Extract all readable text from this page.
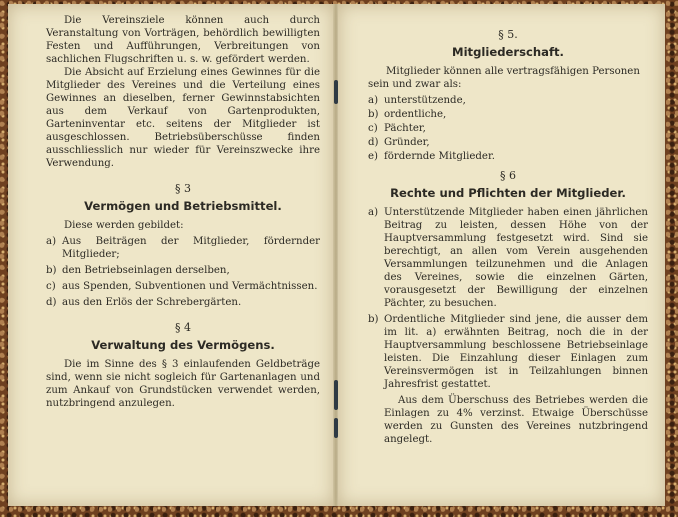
Die Vereinsziele können auch durch Veranstaltung von Vorträgen, behördlich bewilligten Festen und Aufführungen, Verbreitungen von sachlichen Flugschriften u. s. w. gefördert werden.

Die Absicht auf Erzielung eines Gewinnes für die Mitglieder des Vereines und die Verteilung eines Gewinnes an dieselben, ferner Gewinnstabsichten aus dem Verkauf von Gartenprodukten, Garteninventar etc. seitens der Mitglieder ist ausgeschlossen. Betriebsüberschüsse finden ausschliesslich nur wieder für Vereinszwecke ihre Verwendung.

§ 3
Vermögen und Betriebsmittel.
Diese werden gebildet:
a) Aus Beiträgen der Mitglieder, fördernder Mitglieder;
b) den Betriebseinlagen derselben,
c) aus Spenden, Subventionen und Vermächtnissen.
d) aus den Erlös der Schrebergärten.
§ 4
Verwaltung des Vermögens.

Die im Sinne des § 3 einlaufenden Geldbeträge sind, wenn sie nicht sogleich für Gartenanlagen und zum Ankauf von Grundstücken verwendet werden, nutzbringend anzulegen.

§ 5.
Mitgliederschaft.
Mitglieder können alle vertragsfähigen Personen sein und zwar als:
a) unterstützende,
b) ordentliche,
c) Pächter,
d) Gründer,
e) fördernde Mitglieder.
§ 6
Rechte und Pflichten der Mitglieder.
a) Unterstützende Mitglieder haben einen jährlichen Beitrag zu leisten, dessen Höhe von der Hauptversammlung festgesetzt wird. Sind sie berechtigt, an allen vom Verein ausgehenden Versammlungen teilzunehmen und die Anlagen des Vereines, sowie die einzelnen Gärten, vorausgesetzt der Bewilligung der einzelnen Pächter, zu besuchen.
b) Ordentliche Mitglieder sind jene, die ausser dem im lit. a) erwähnten Beitrag, noch die in der Hauptversammlung beschlossene Betriebseinlage leisten. Die Einzahlung dieser Einlagen zum Vereinsvermögen ist in Teilzahlungen binnen Jahresfrist gestattet.

Aus dem Überschuss des Betriebes werden die Einlagen zu 4% verzinst. Etwaige Überschüsse werden zu Gunsten des Vereines nutzbringend angelegt.
